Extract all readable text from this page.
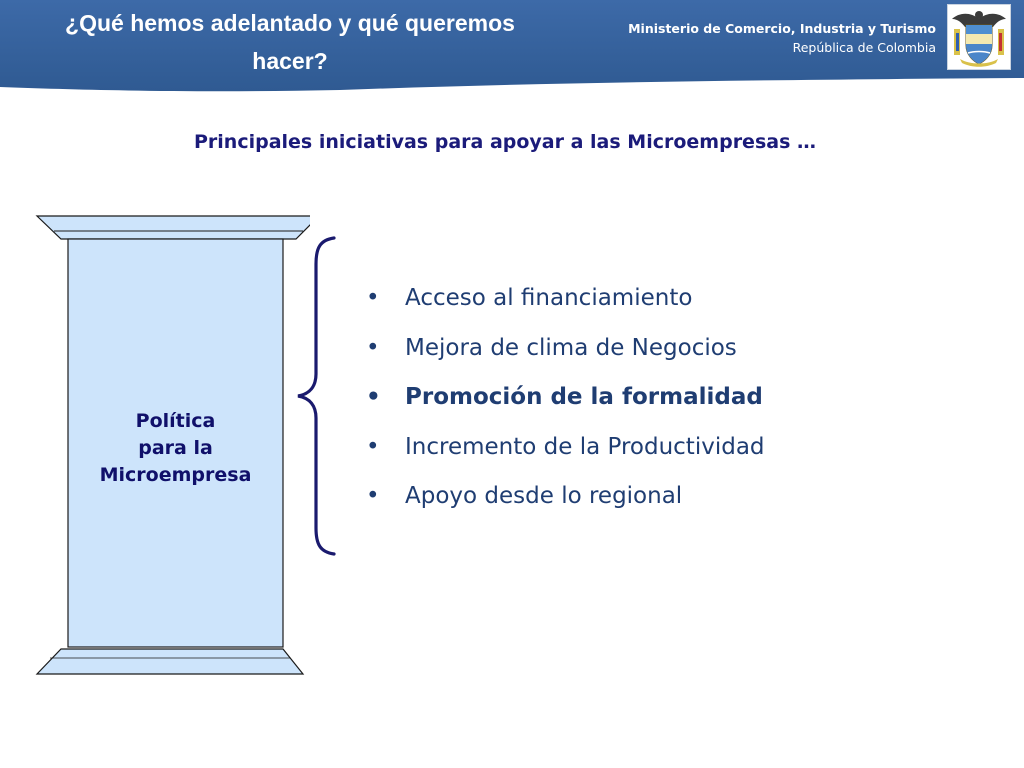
¿Qué hemos adelantado y qué queremos
hacer?
Ministerio de Comercio, Industria y Turismo
República de Colombia
Principales iniciativas para apoyar a las Microempresas …
Política
para la
Microempresa
• Acceso al financiamiento
• Mejora de clima de Negocios
• Promoción de la formalidad
• Incremento de la Productividad
• Apoyo desde lo regional
